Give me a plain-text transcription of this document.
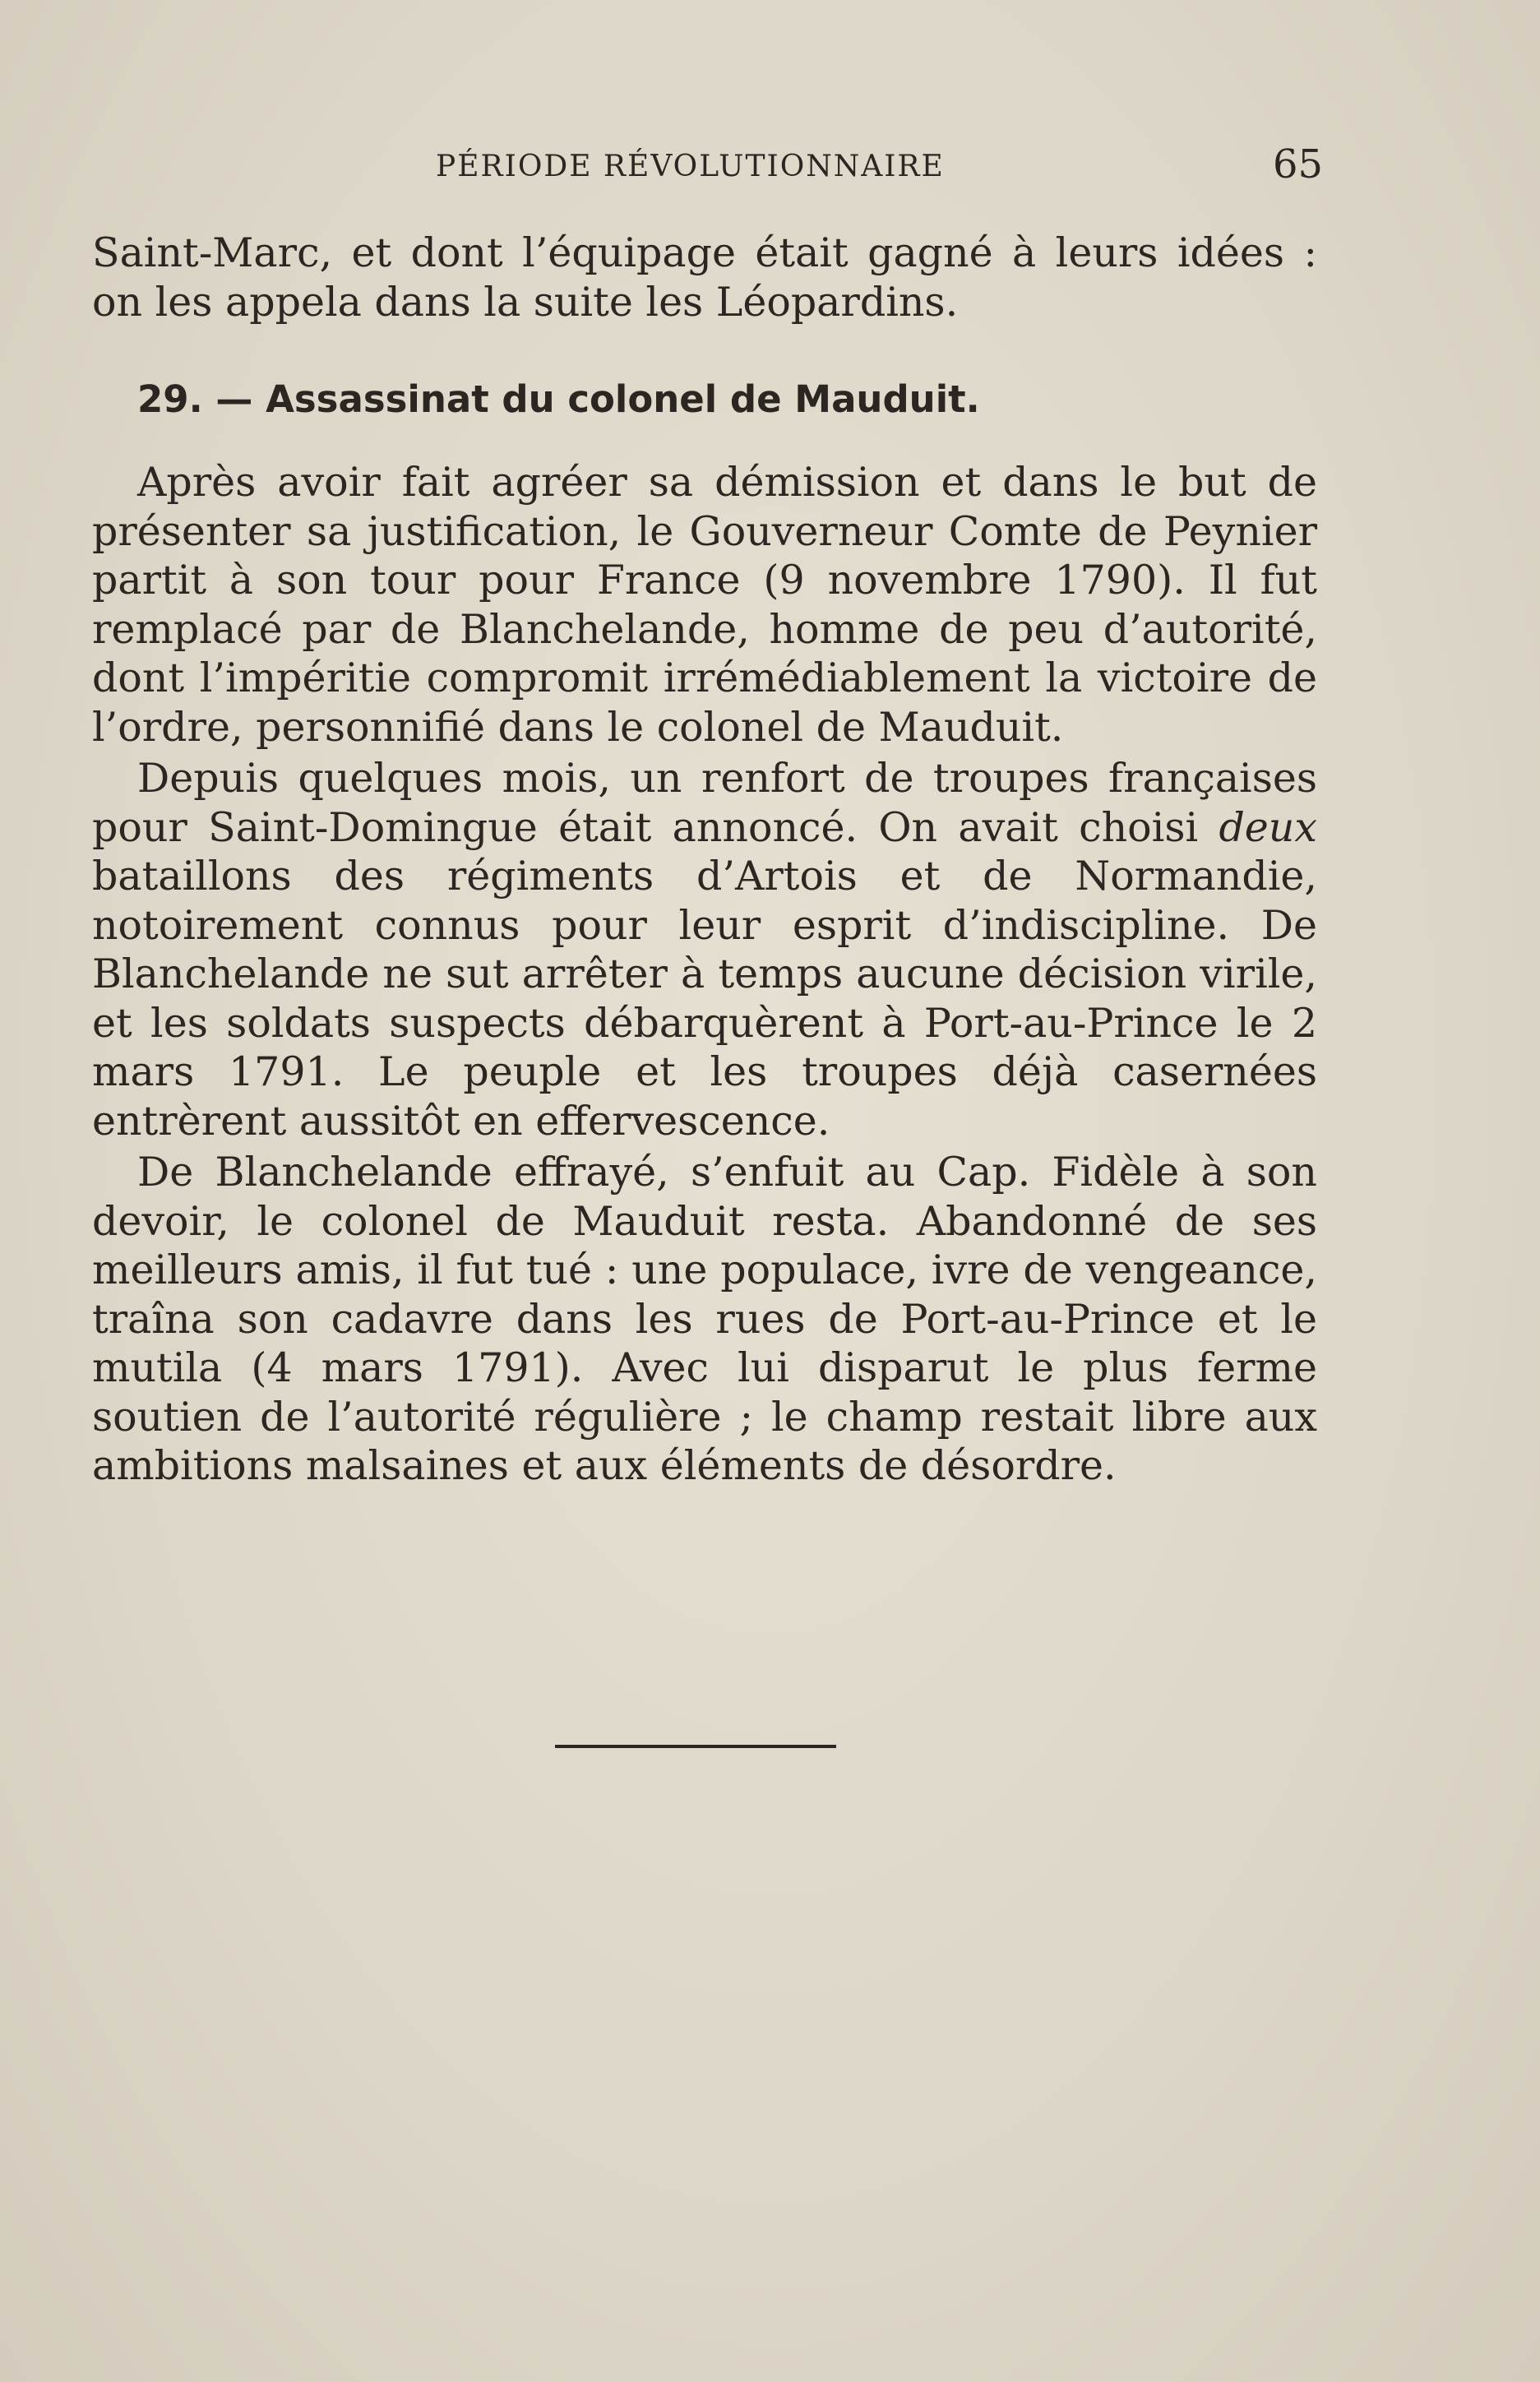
PÉRIODE RÉVOLUTIONNAIRE	65

Saint-Marc, et dont l’équipage était gagné à leurs idées :

on les appela dans la suite les Léopardins.

29. — Assassinat du colonel de Mauduit.

Après avoir fait agréer sa démission et dans le but de présenter sa justification, le Gouverneur Comte de Peynier partit à son tour pour France (9 novembre 1790). Il fut remplacé par de Blanchelande, homme de peu d’autorité, dont l’impéritie compromit irrémédiablement la victoire de l’ordre, personnifié dans le colonel de Mauduit.

Depuis quelques mois, un renfort de troupes françaises pour Saint-Domingue était annoncé. On avait choisi deux bataillons des régiments d’Artois et de Normandie, notoirement connus pour leur esprit d’indiscipline. De Blanchelande ne sut arrêter à temps aucune décision virile, et les soldats suspects débarquèrent à Port-au-Prince le 2 mars 1791. Le peuple et les troupes déjà casernées entrèrent aussitôt en effervescence.

De Blanchelande effrayé, s’enfuit au Cap. Fidèle à son devoir, le colonel de Mauduit resta. Abandonné de ses meilleurs amis, il fut tué : une populace, ivre de vengeance, traîna son cadavre dans les rues de Port-au-Prince et le mutila (4 mars 1791). Avec lui disparut le plus ferme soutien de l’autorité régulière ; le champ restait libre aux ambitions malsaines et aux éléments de désordre.
